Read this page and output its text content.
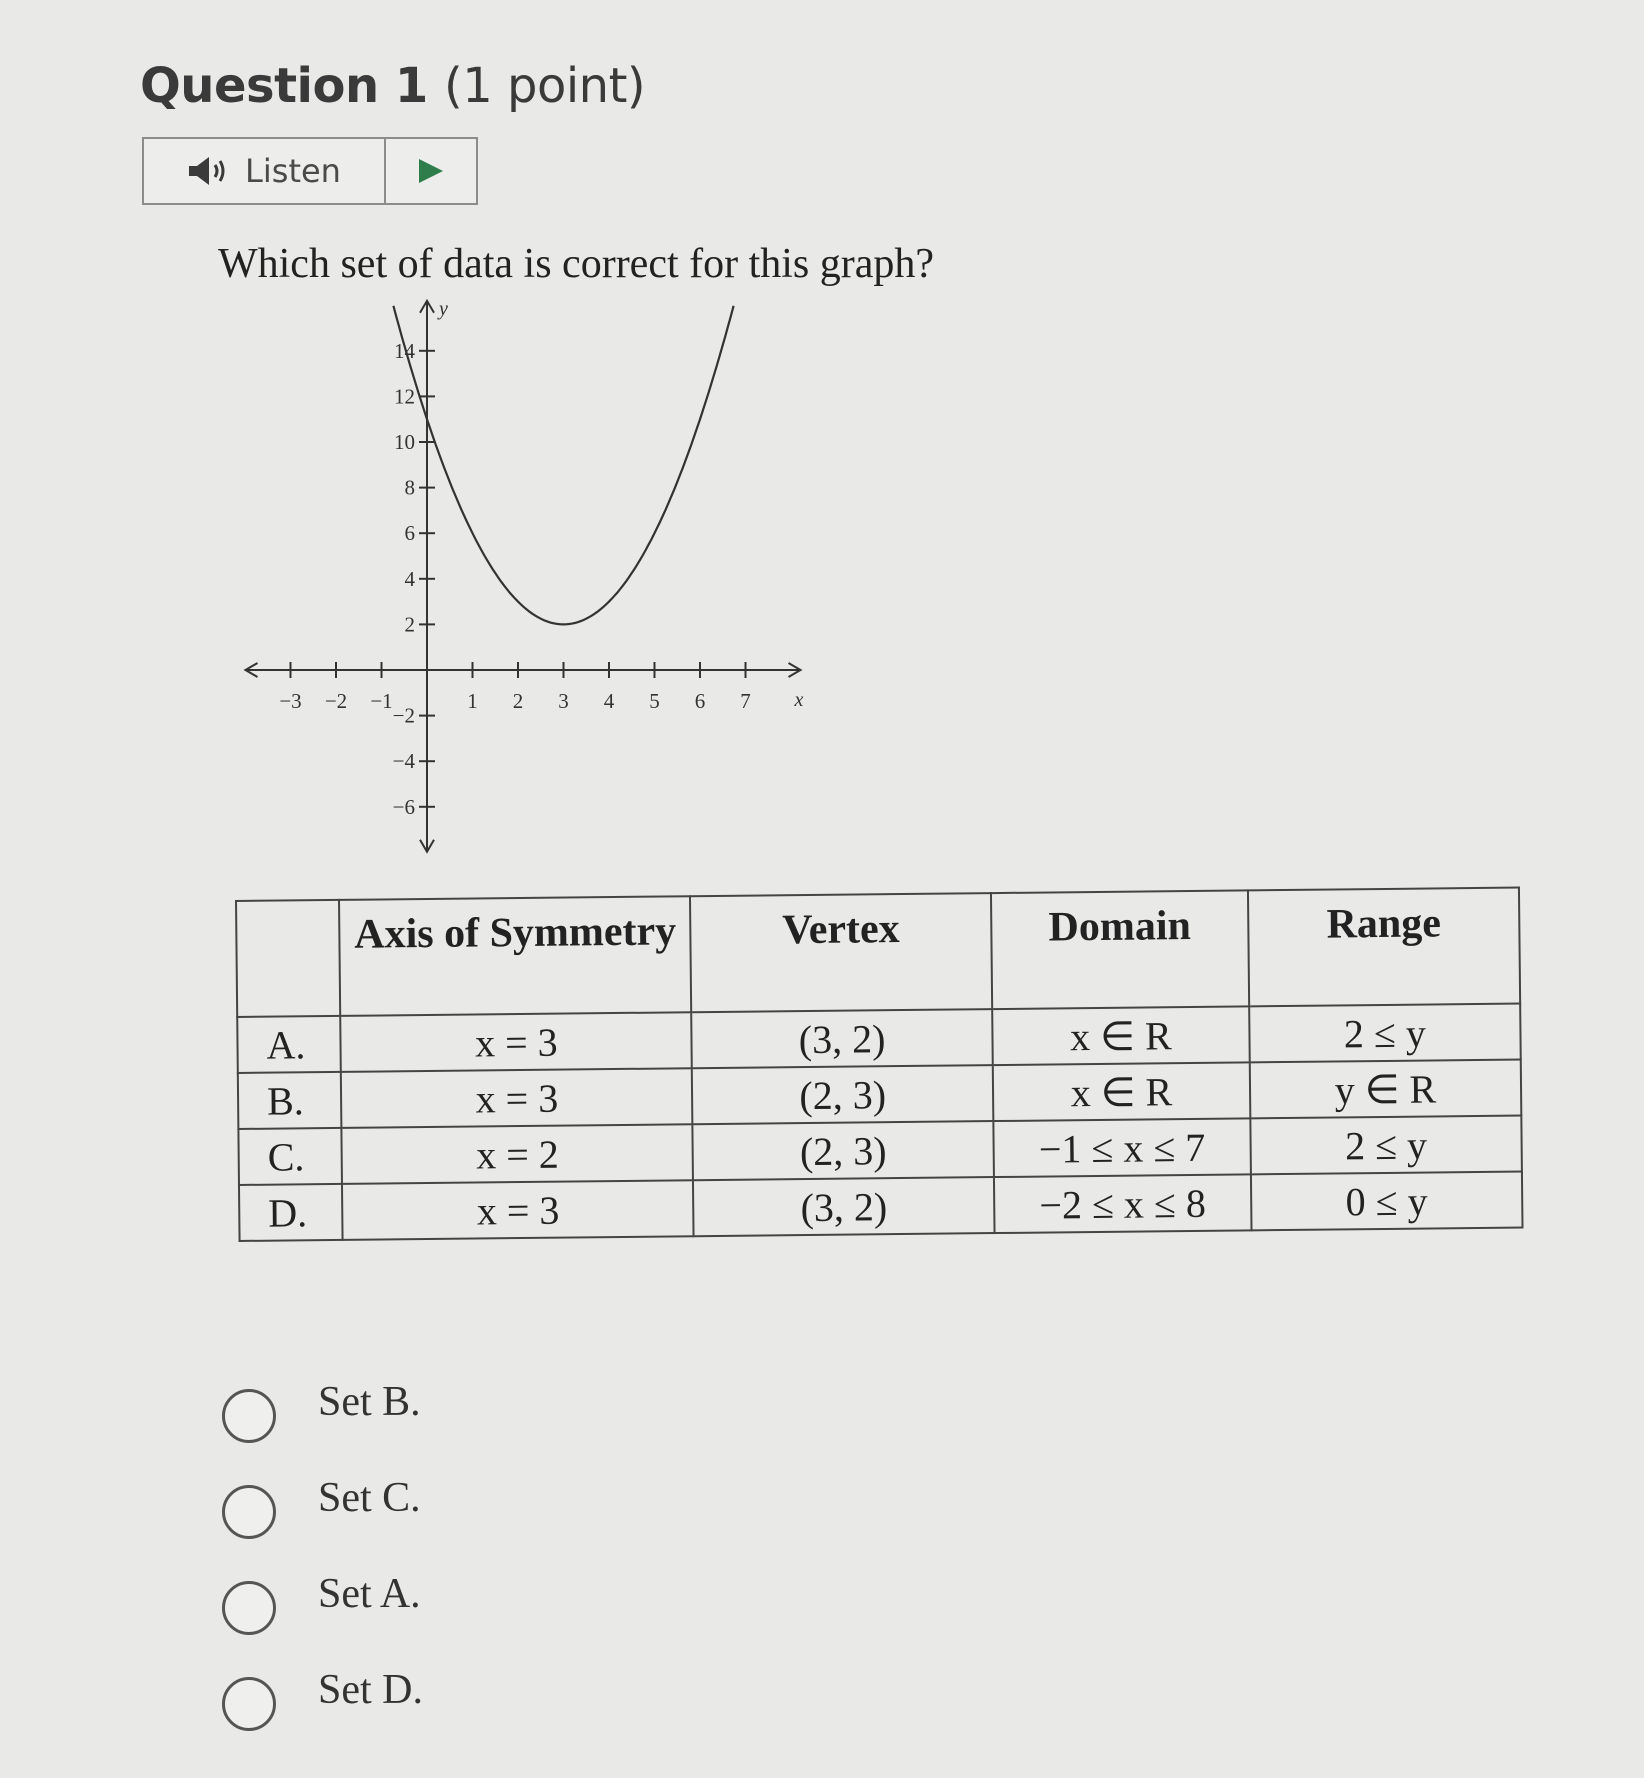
Question 1 (1 point)
Listen
Which set of data is correct for this graph?
−3 −2 −1	1 2 3 4 5 6 7
−6
−4
−2
2
4
6
8
10
12
14
x
y
	Axis of Symmetry	Vertex	Domain	Range
A.	x = 3	(3, 2)	x ∈ R	2 ≤ y
B.	x = 3	(2, 3)	x ∈ R	y ∈ R
C.	x = 2	(2, 3)	−1 ≤ x ≤ 7	2 ≤ y
D.	x = 3	(3, 2)	−2 ≤ x ≤ 8	0 ≤ y
Set B.
Set C.
Set A.
Set D.
